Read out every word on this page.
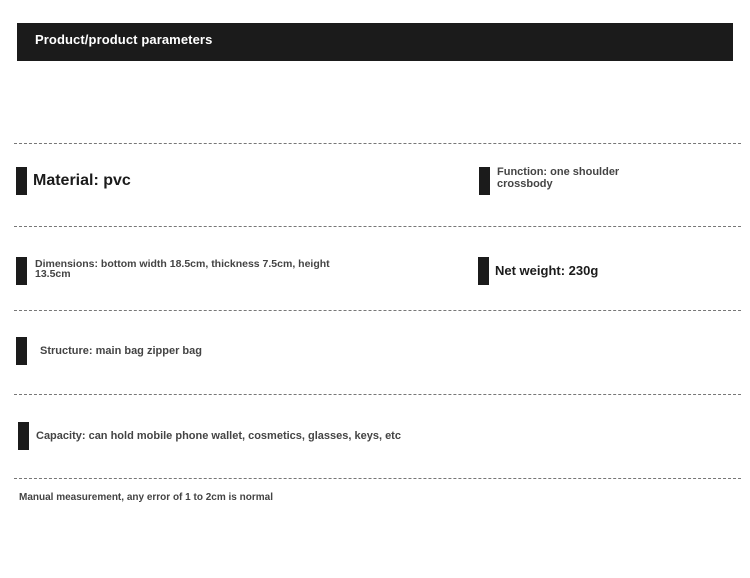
Product/product parameters
Material: pvc	Function: one shoulder crossbody
Dimensions: bottom width 18.5cm, thickness 7.5cm, height 13.5cm	Net weight: 230g
Structure: main bag zipper bag
Capacity: can hold mobile phone wallet, cosmetics, glasses, keys, etc
Manual measurement, any error of 1 to 2cm is normal
